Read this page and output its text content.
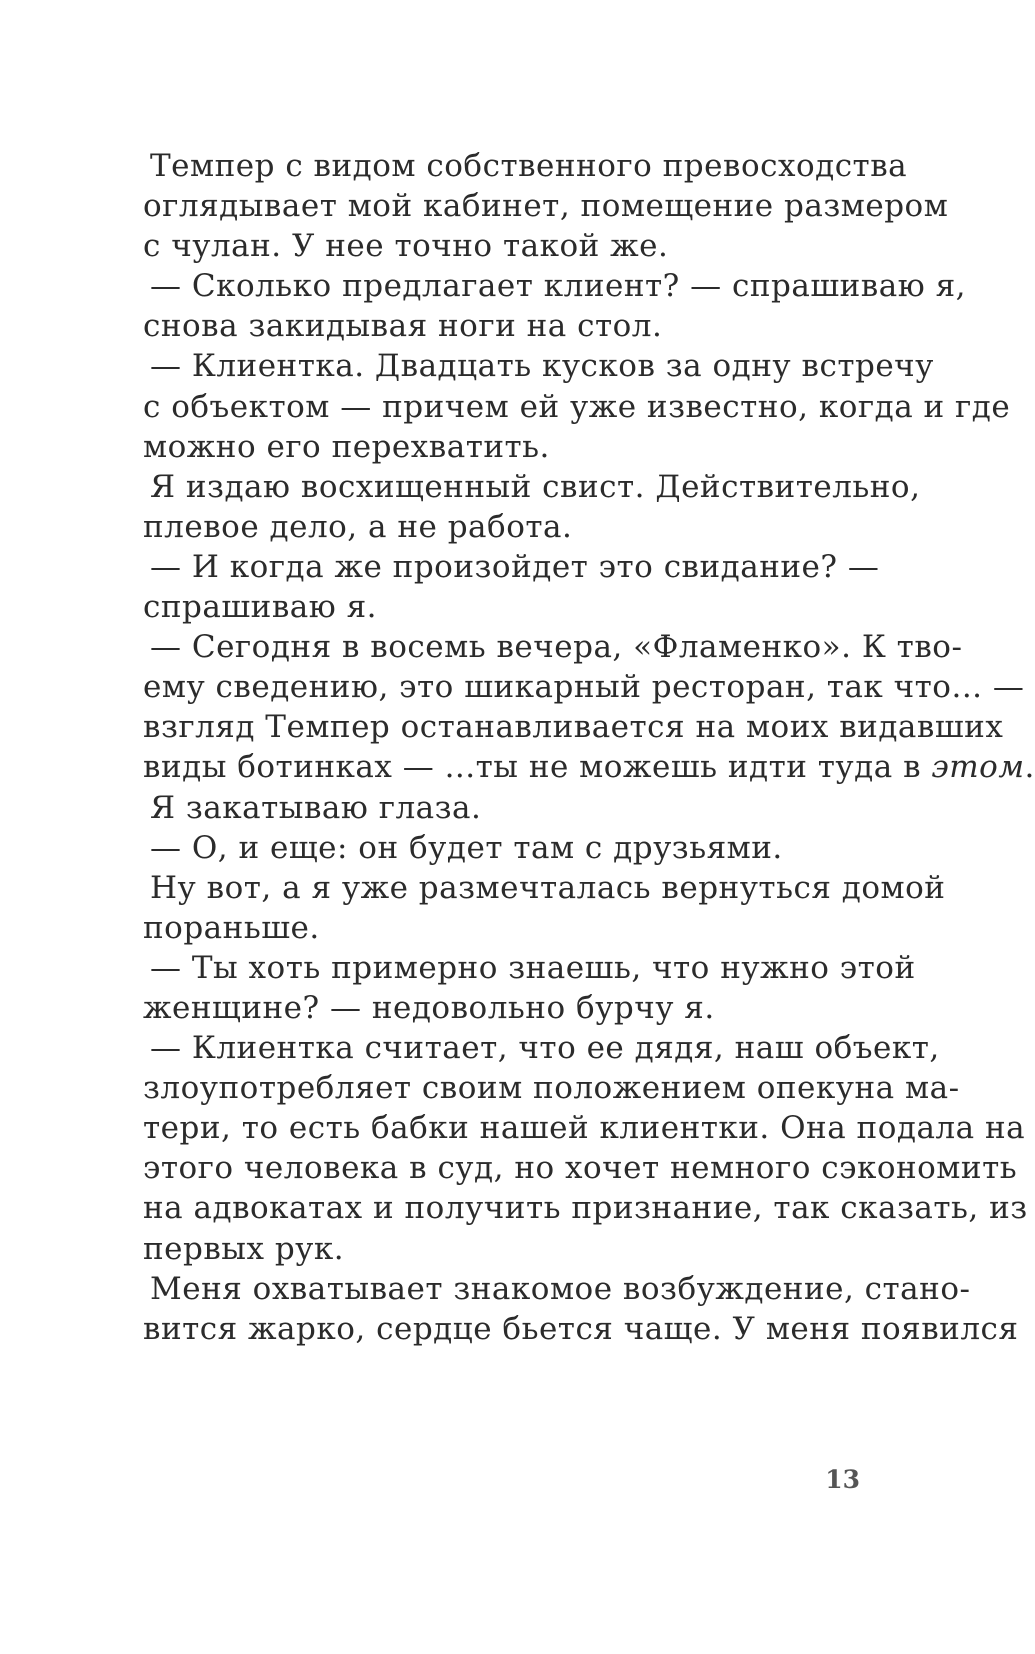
Темпер с видом собственного превосходства
оглядывает мой кабинет, помещение размером
с чулан. У нее точно такой же.
— Сколько предлагает клиент? — спрашиваю я,
снова закидывая ноги на стол.
— Клиентка. Двадцать кусков за одну встречу
с объектом — причем ей уже известно, когда и где
можно его перехватить.
Я издаю восхищенный свист. Действительно,
плевое дело, а не работа.
— И когда же произойдет это свидание? —
спрашиваю я.
— Сегодня в восемь вечера, «Фламенко». К тво-
ему сведению, это шикарный ресторан, так что... —
взгляд Темпер останавливается на моих видавших
виды ботинках — ...ты не можешь идти туда в этом.
Я закатываю глаза.
— О, и еще: он будет там с друзьями.
Ну вот, а я уже размечталась вернуться домой
пораньше.
— Ты хоть примерно знаешь, что нужно этой
женщине? — недовольно бурчу я.
— Клиентка считает, что ее дядя, наш объект,
злоупотребляет своим положением опекуна ма-
тери, то есть бабки нашей клиентки. Она подала на
этого человека в суд, но хочет немного сэкономить
на адвокатах и получить признание, так сказать, из
первых рук.
Меня охватывает знакомое возбуждение, стано-
вится жарко, сердце бьется чаще. У меня появился
13
